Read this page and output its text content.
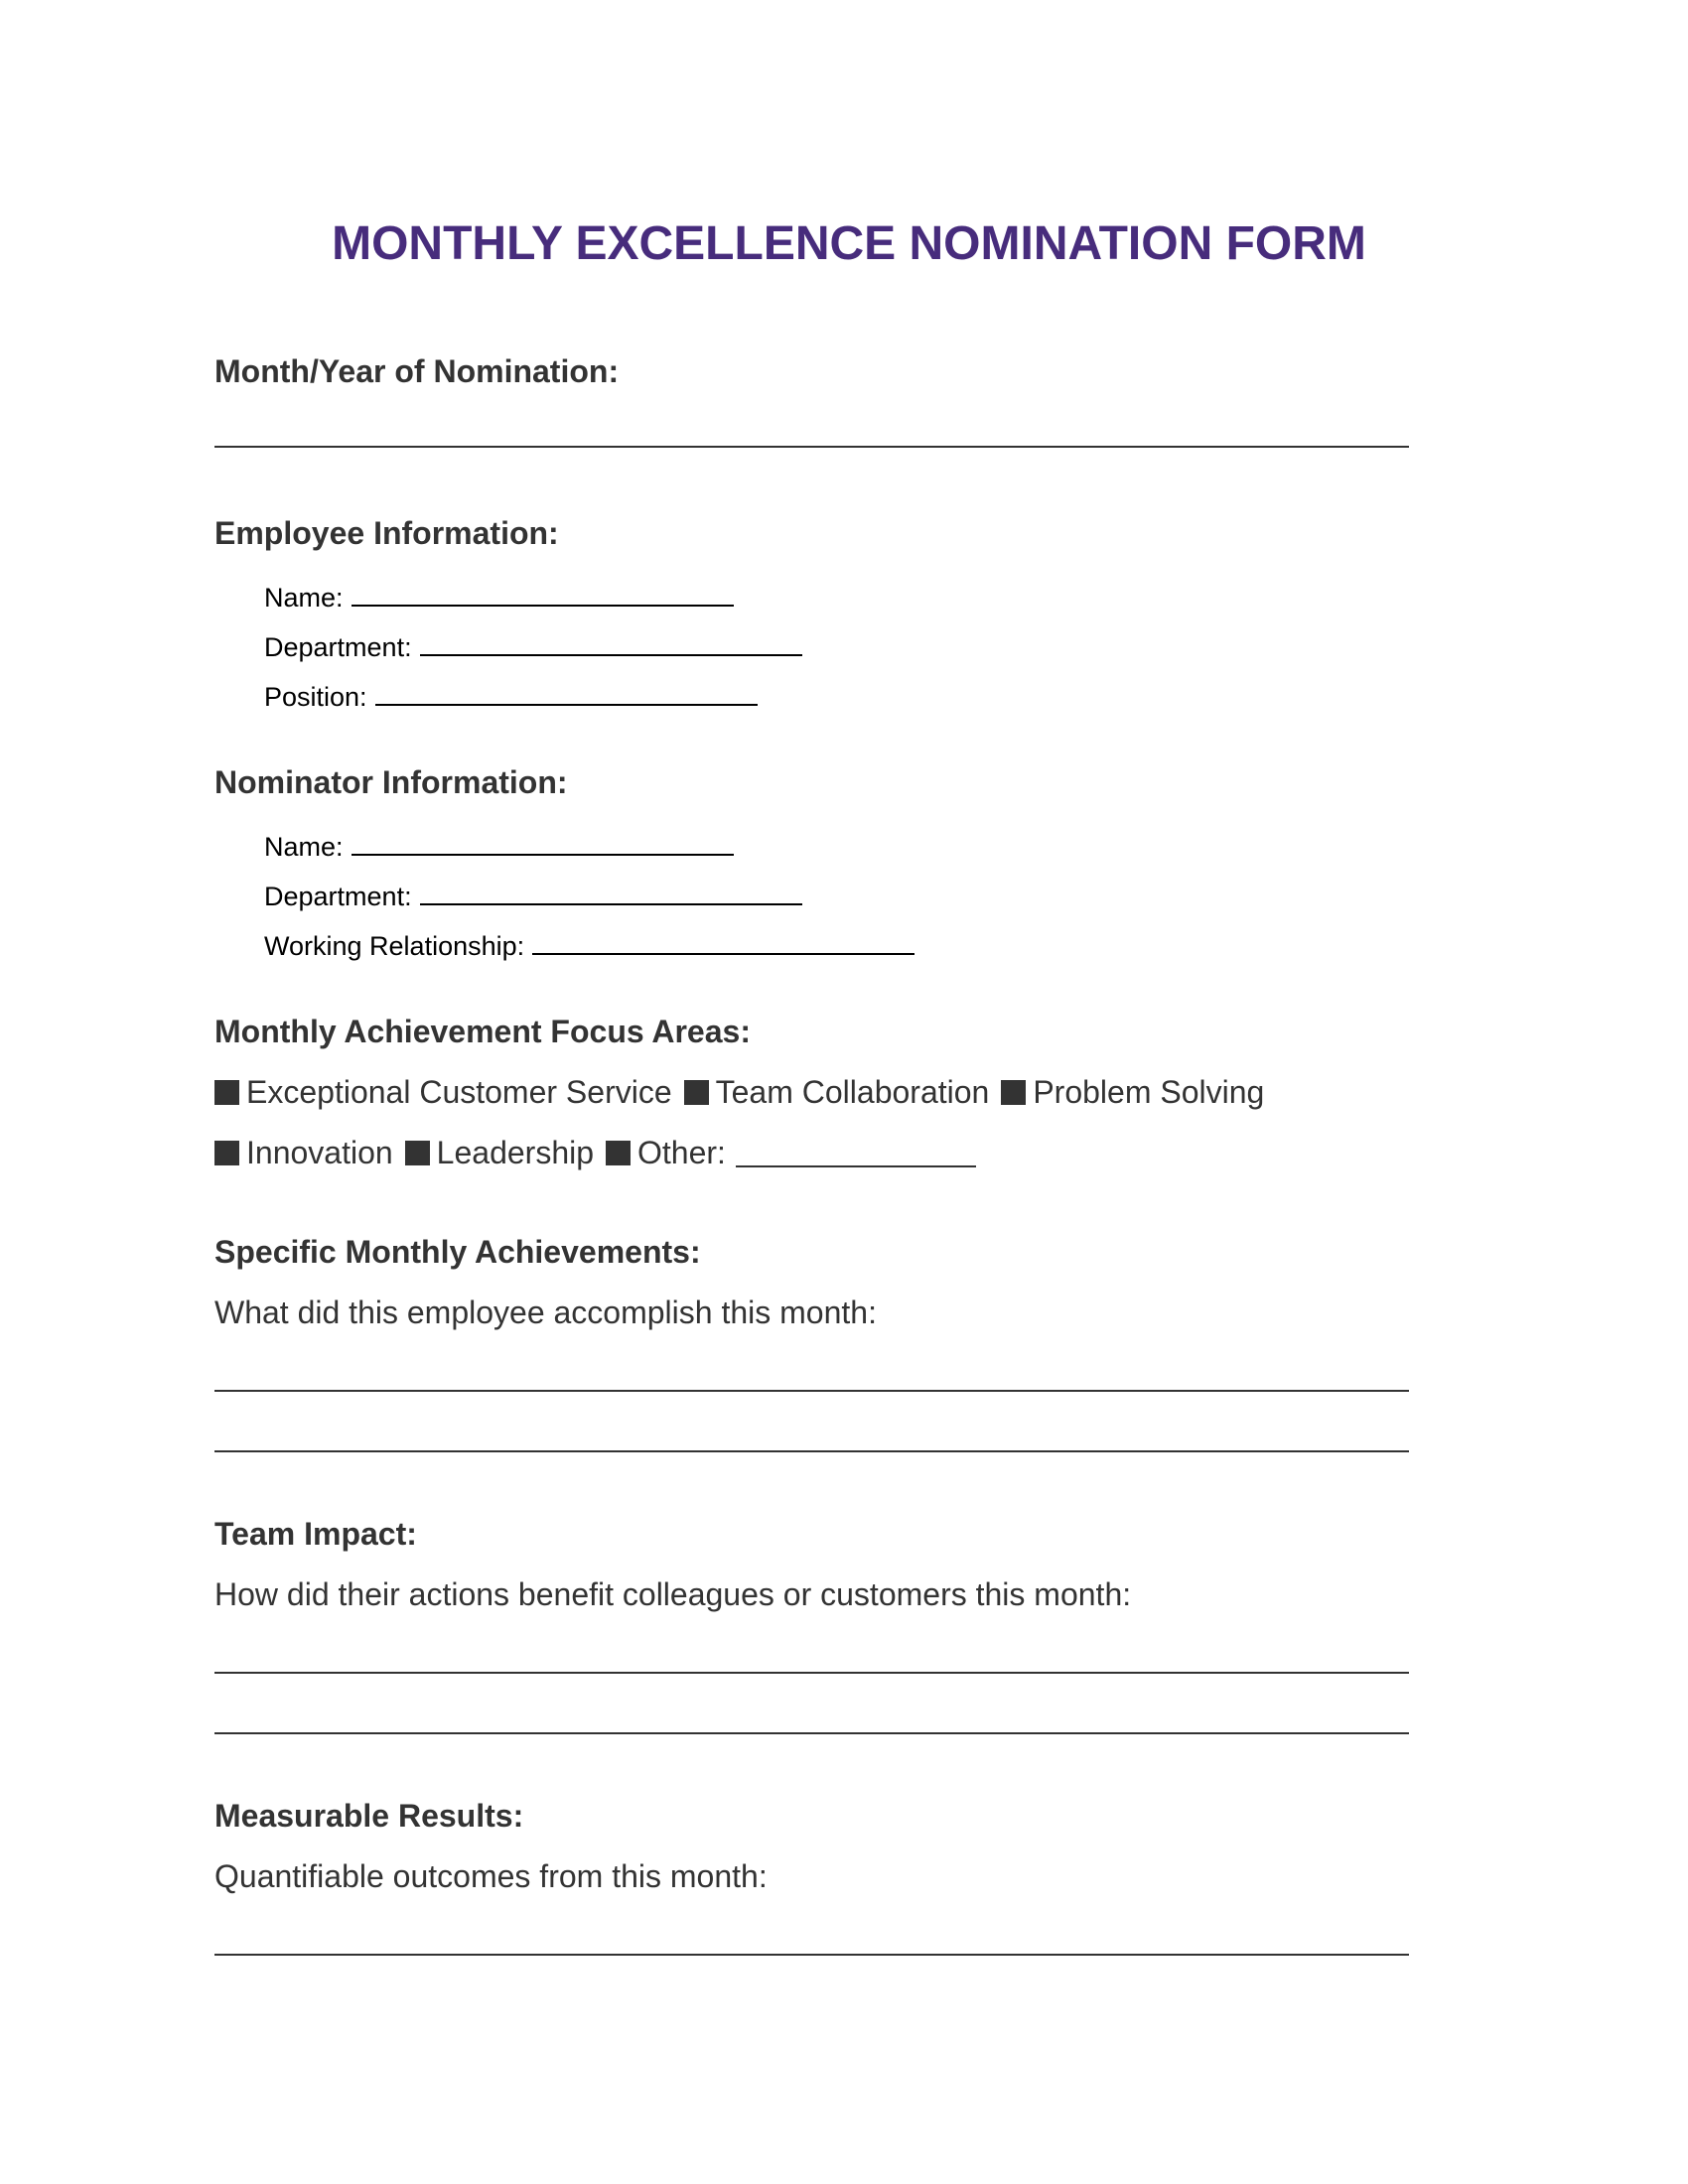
MONTHLY EXCELLENCE NOMINATION FORM
Month/Year of Nomination:
Employee Information:
Name:
Department:
Position:
Nominator Information:
Name:
Department:
Working Relationship:
Monthly Achievement Focus Areas:
Exceptional Customer Service Team Collaboration Problem Solving
Innovation Leadership Other:
Specific Monthly Achievements:
What did this employee accomplish this month:
Team Impact:
How did their actions benefit colleagues or customers this month:
Measurable Results:
Quantifiable outcomes from this month:
